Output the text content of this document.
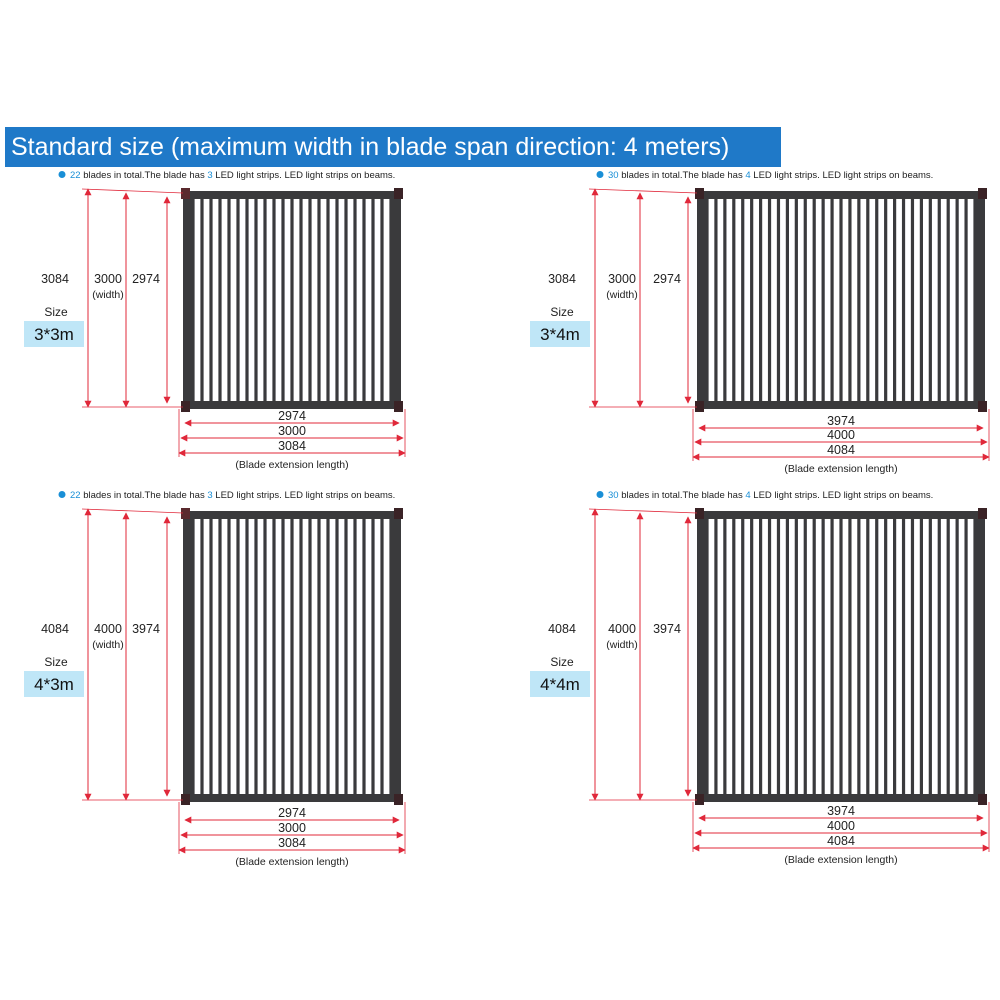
Standard size (maximum width in blade span direction: 4 meters)
22 blades in total.The blade has 3 LED light strips. LED light strips on beams.
3084 3000
(width)
2974
Size
3*3m
2974
3000
3084
(Blade extension length)
30 blades in total.The blade has 4 LED light strips. LED light strips on beams.
3084	3000
(width)
2974
Size
3*4m
3974
4000
4084
(Blade extension length)
22 blades in total.The blade has 3 LED light strips. LED light strips on beams.
4084 4000
(width)
3974
Size
4*3m
2974
3000
3084
(Blade extension length)
30 blades in total.The blade has 4 LED light strips. LED light strips on beams.
4084	4000
(width)
3974
Size
4*4m
3974
4000
4084
(Blade extension length)
